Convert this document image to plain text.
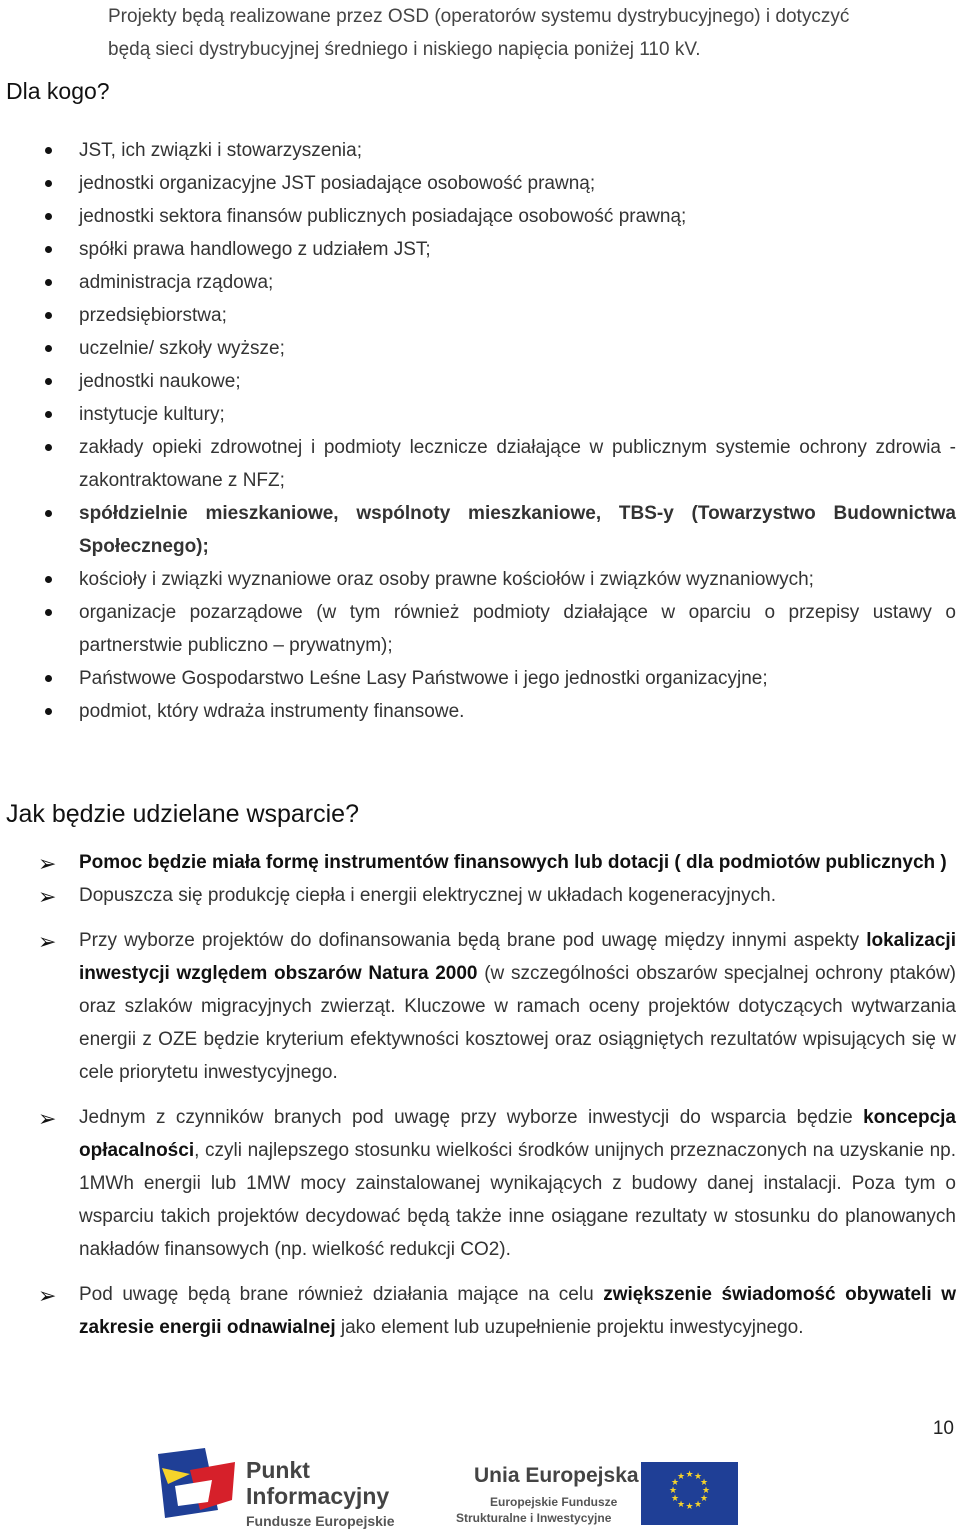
Projekty będą realizowane przez OSD (operatorów systemu dystrybucyjnego) i dotyczyć
będą sieci dystrybucyjnej średniego i niskiego napięcia poniżej 110 kV.
Dla kogo?
JST, ich związki i stowarzyszenia;
jednostki organizacyjne JST posiadające osobowość prawną;
jednostki sektora finansów publicznych posiadające osobowość prawną;
spółki prawa handlowego z udziałem JST;
administracja rządowa;
przedsiębiorstwa;
uczelnie/ szkoły wyższe;
jednostki naukowe;
instytucje kultury;
zakłady opieki zdrowotnej i podmioty lecznicze działające w publicznym systemie ochrony zdrowia - zakontraktowane z NFZ;
spółdzielnie mieszkaniowe, wspólnoty mieszkaniowe, TBS-y (Towarzystwo Budownictwa Społecznego);
kościoły i związki wyznaniowe oraz osoby prawne kościołów i związków wyznaniowych;
organizacje pozarządowe (w tym również podmioty działające w oparciu o przepisy ustawy o partnerstwie publiczno – prywatnym);
Państwowe Gospodarstwo Leśne Lasy Państwowe i jego jednostki organizacyjne;
podmiot, który wdraża instrumenty finansowe.
Jak będzie udzielane wsparcie?
➢ Pomoc będzie miała formę instrumentów finansowych lub dotacji ( dla podmiotów publicznych )
➢ Dopuszcza się produkcję ciepła i energii elektrycznej w układach kogeneracyjnych.
➢ Przy wyborze projektów do dofinansowania będą brane pod uwagę między innymi aspekty lokalizacji inwestycji względem obszarów Natura 2000 (w szczególności obszarów specjalnej ochrony ptaków) oraz szlaków migracyjnych zwierząt. Kluczowe w ramach oceny projektów dotyczących wytwarzania energii z OZE będzie kryterium efektywności kosztowej oraz osiągniętych rezultatów wpisujących się w cele priorytetu inwestycyjnego.
➢ Jednym z czynników branych pod uwagę przy wyborze inwestycji do wsparcia będzie koncepcja opłacalności, czyli najlepszego stosunku wielkości środków unijnych przeznaczonych na uzyskanie np. 1MWh energii lub 1MW mocy zainstalowanej wynikających z budowy danej instalacji. Poza tym o wsparciu takich projektów decydować będą także inne osiągane rezultaty w stosunku do planowanych nakładów finansowych (np. wielkość redukcji CO2).
➢ Pod uwagę będą brane również działania mające na celu zwiększenie świadomość obywateli w zakresie energii odnawialnej jako element lub uzupełnienie projektu inwestycyjnego.
10
Punkt
Informacyjny
Fundusze Europejskie
Unia Europejska
Europejskie Fundusze
Strukturalne i Inwestycyjne
★ ★
★
★
★
★
★
★
★
★
★
★
